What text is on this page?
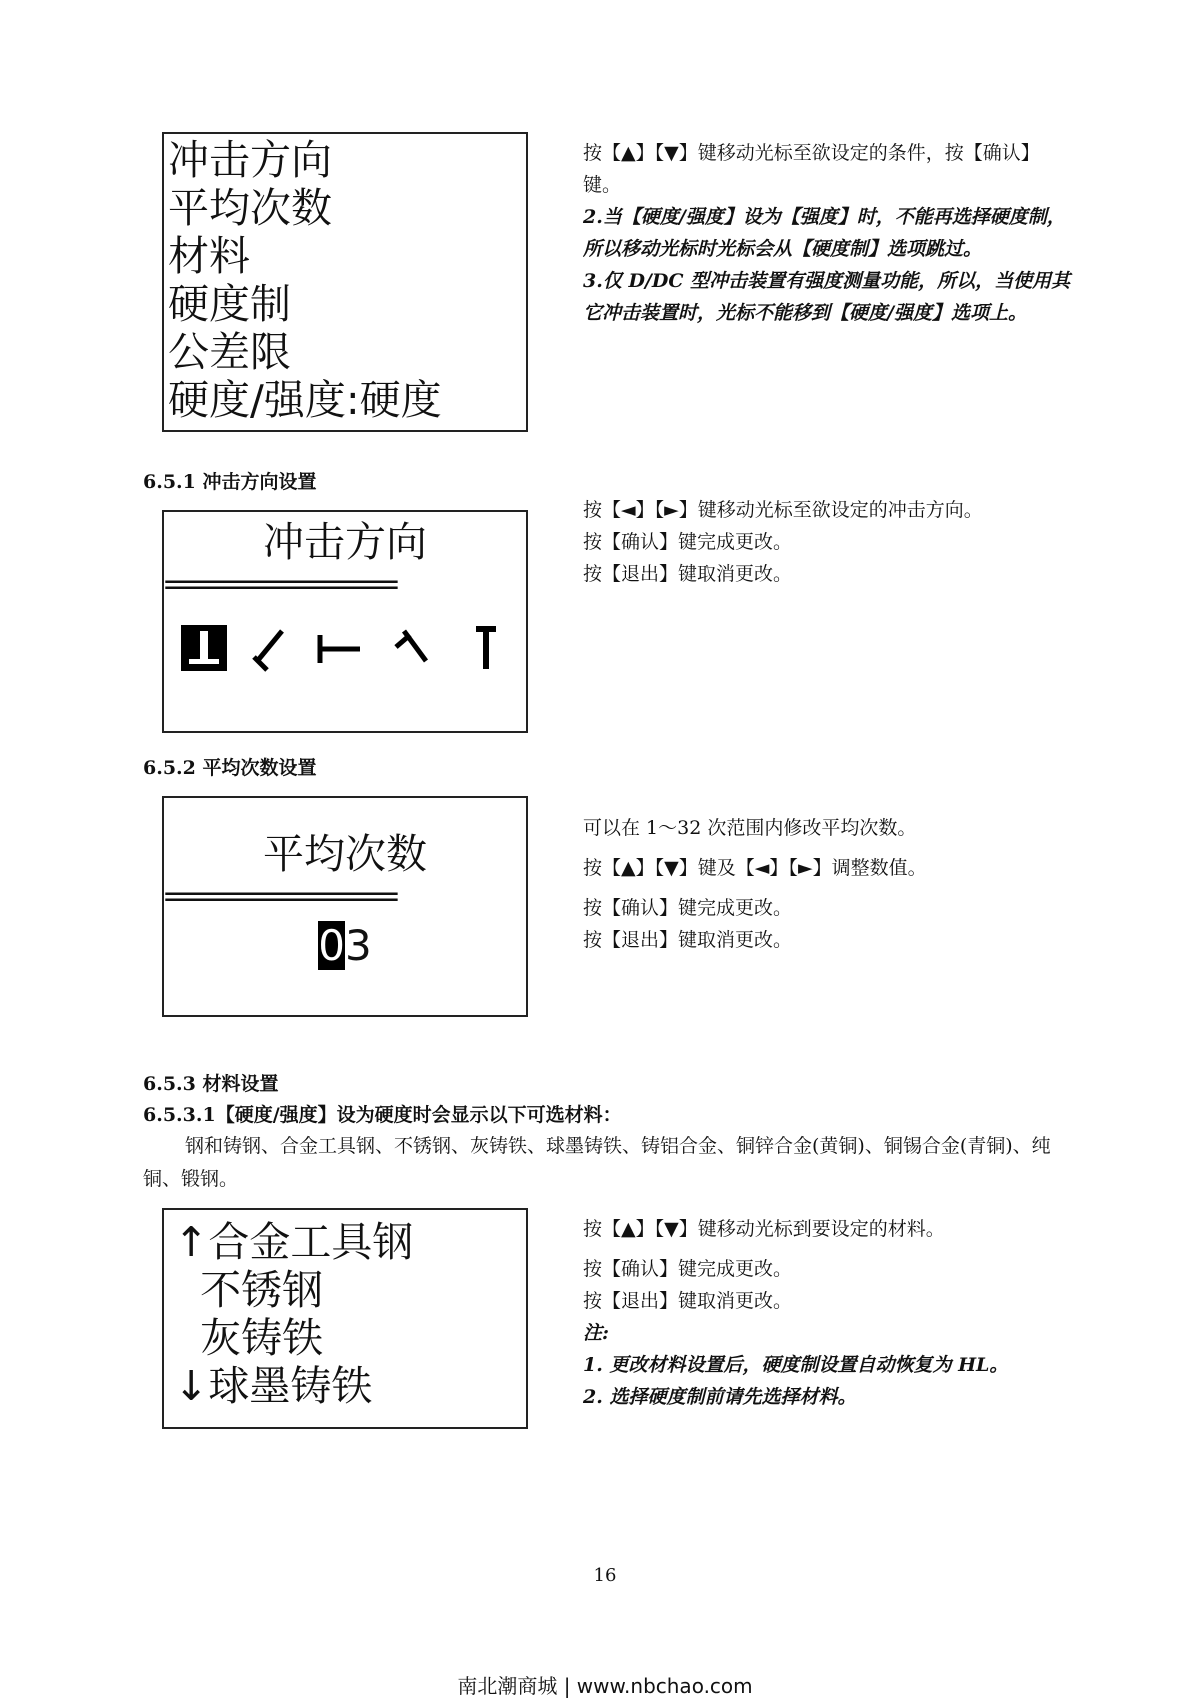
冲击方向
平均次数
材料
硬度制
公差限
硬度/强度:硬度

按【▲】【▼】键移动光标至欲设定的条件，按【确认】键。

2.当【硬度/强度】设为【强度】时，不能再选择硬度制，所以移动光标时光标会从【硬度制】选项跳过。

3.仅 D/DC 型冲击装置有强度测量功能，所以，当使用其它冲击装置时，光标不能移到【硬度/强度】选项上。

6.5.1 冲击方向设置
冲击方向
================

按【◄】【►】键移动光标至欲设定的冲击方向。

按【确认】键完成更改。

按【退出】键取消更改。

6.5.2 平均次数设置
平均次数
================
03

可以在 1～32 次范围内修改平均次数。

按【▲】【▼】键及【◄】【►】调整数值。

按【确认】键完成更改。

按【退出】键取消更改。

6.5.3 材料设置
6.5.3.1【硬度/强度】设为硬度时会显示以下可选材料：
钢和铸钢、合金工具钢、不锈钢、灰铸铁、球墨铸铁、铸铝合金、铜锌合金(黄铜)、铜锡合金(青铜)、纯铜、锻钢。
↑合金工具钢
不锈钢
灰铸铁
↓球墨铸铁

按【▲】【▼】键移动光标到要设定的材料。

按【确认】键完成更改。

按【退出】键取消更改。

注:

1. 更改材料设置后，硬度制设置自动恢复为 HL。

2. 选择硬度制前请先选择材料。

16
南北潮商城 | www.nbchao.com
